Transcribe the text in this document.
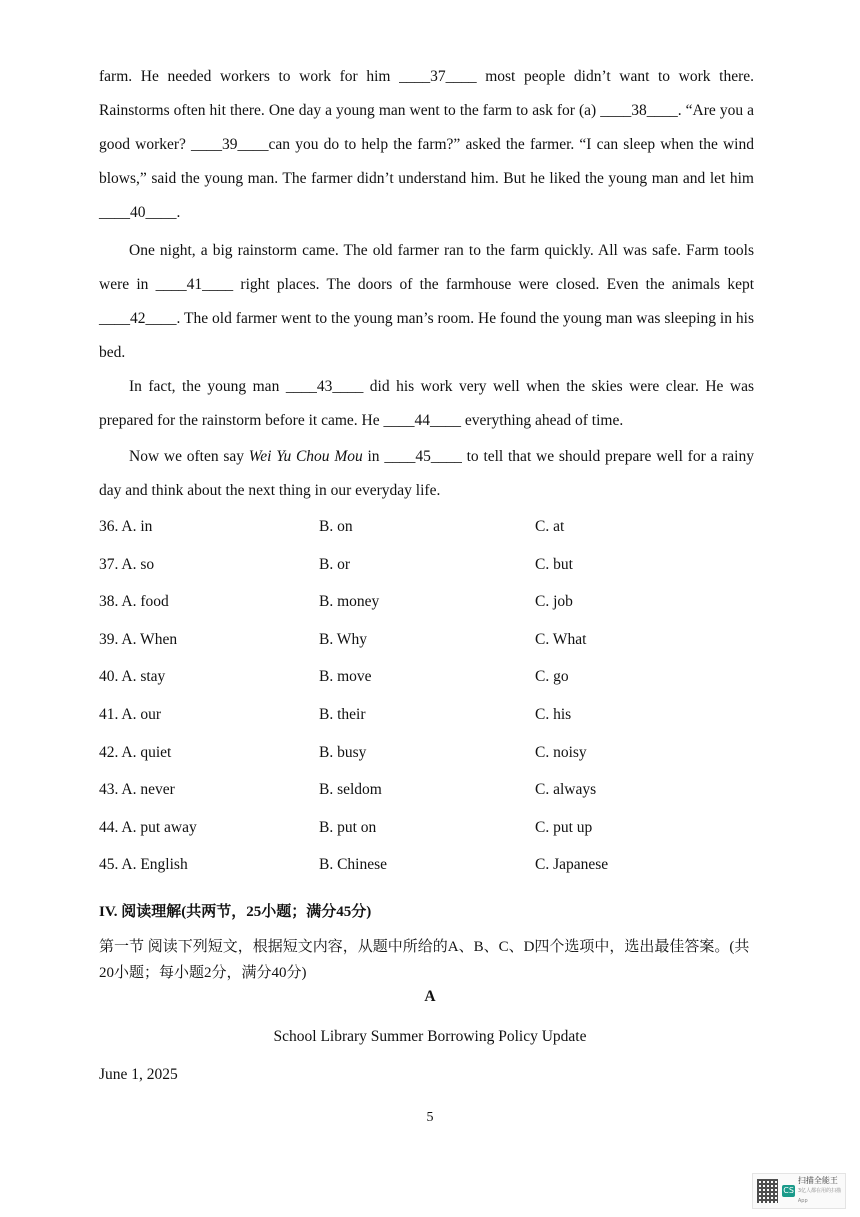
farm. He needed workers to work for him ____37____ most people didn’t want to work there. Rainstorms often hit there. One day a young man went to the farm to ask for (a) ____38____. “Are you a good worker? ____39____can you do to help the farm?” asked the farmer. “I can sleep when the wind blows,” said the young man. The farmer didn’t understand him. But he liked the young man and let him ____40____.
One night, a big rainstorm came. The old farmer ran to the farm quickly. All was safe. Farm tools were in ____41____ right places. The doors of the farmhouse were closed. Even the animals kept ____42____. The old farmer went to the young man’s room. He found the young man was sleeping in his bed.
In fact, the young man ____43____ did his work very well when the skies were clear. He was prepared for the rainstorm before it came. He ____44____ everything ahead of time.
Now we often say Wei Yu Chou Mou in ____45____ to tell that we should prepare well for a rainy day and think about the next thing in our everyday life.
36. A. in	B. on	C. at
37. A. so	B. or	C. but
38. A. food	B. money	C. job
39. A. When	B. Why	C. What
40. A. stay	B. move	C. go
41. A. our	B. their	C. his
42. A. quiet	B. busy	C. noisy
43. A. never	B. seldom	C. always
44. A. put away	B. put on	C. put up
45. A. English	B. Chinese	C. Japanese
IV. 阅读理解(共两节，25小题；满分45分)
第一节 阅读下列短文，根据短文内容，从题中所给的A、B、C、D四个选项中，选出最佳答案。(共20小题；每小题2分，满分40分)
A
School Library Summer Borrowing Policy Update
June 1, 2025
5
CS
扫描全能王
3亿人都在用的扫描App
